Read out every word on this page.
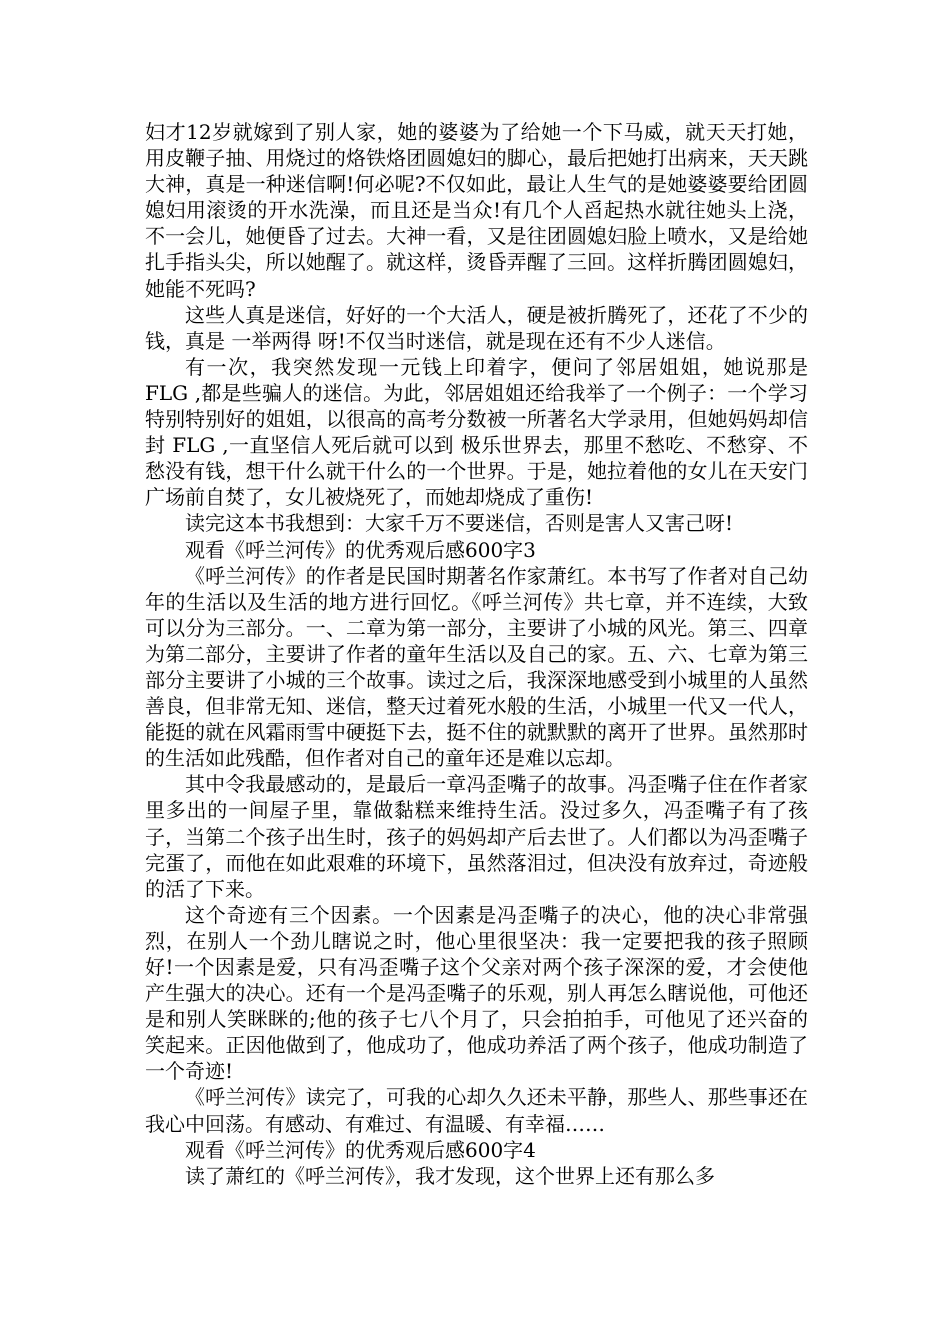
妇才12岁就嫁到了别人家，她的婆婆为了给她一个下马威，就天天打她，用皮鞭子抽、用烧过的烙铁烙团圆媳妇的脚心，最后把她打出病来，天天跳大神，真是一种迷信啊!何必呢?不仅如此，最让人生气的是她婆婆要给团圆媳妇用滚烫的开水洗澡，而且还是当众!有几个人舀起热水就往她头上浇，不一会儿，她便昏了过去。大神一看，又是往团圆媳妇脸上喷水，又是给她扎手指头尖，所以她醒了。就这样，烫昏弄醒了三回。这样折腾团圆媳妇，她能不死吗?

这些人真是迷信，好好的一个大活人，硬是被折腾死了，还花了不少的钱，真是 一举两得 呀!不仅当时迷信，就是现在还有不少人迷信。

有一次，我突然发现一元钱上印着字，便问了邻居姐姐，她说那是 FLG ,都是些骗人的迷信。为此，邻居姐姐还给我举了一个例子：一个学习特别特别好的姐姐，以很高的高考分数被一所著名大学录用，但她妈妈却信封 FLG ,一直坚信人死后就可以到 极乐世界去，那里不愁吃、不愁穿、不愁没有钱，想干什么就干什么的一个世界。于是，她拉着他的女儿在天安门广场前自焚了，女儿被烧死了，而她却烧成了重伤!

读完这本书我想到：大家千万不要迷信，否则是害人又害己呀!

观看《呼兰河传》的优秀观后感600字3

《呼兰河传》的作者是民国时期著名作家萧红。本书写了作者对自己幼年的生活以及生活的地方进行回忆。《呼兰河传》共七章，并不连续，大致可以分为三部分。一、二章为第一部分，主要讲了小城的风光。第三、四章为第二部分，主要讲了作者的童年生活以及自己的家。五、六、七章为第三部分主要讲了小城的三个故事。读过之后，我深深地感受到小城里的人虽然善良，但非常无知、迷信，整天过着死水般的生活，小城里一代又一代人，能挺的就在风霜雨雪中硬挺下去，挺不住的就默默的离开了世界。虽然那时的生活如此残酷，但作者对自己的童年还是难以忘却。

其中令我最感动的，是最后一章冯歪嘴子的故事。冯歪嘴子住在作者家里多出的一间屋子里，靠做黏糕来维持生活。没过多久，冯歪嘴子有了孩子，当第二个孩子出生时，孩子的妈妈却产后去世了。人们都以为冯歪嘴子完蛋了，而他在如此艰难的环境下，虽然落泪过，但决没有放弃过，奇迹般的活了下来。

这个奇迹有三个因素。一个因素是冯歪嘴子的决心，他的决心非常强烈，在别人一个劲儿瞎说之时，他心里很坚决：我一定要把我的孩子照顾好!一个因素是爱，只有冯歪嘴子这个父亲对两个孩子深深的爱，才会使他产生强大的决心。还有一个是冯歪嘴子的乐观，别人再怎么瞎说他，可他还是和别人笑眯眯的;他的孩子七八个月了，只会拍拍手，可他见了还兴奋的笑起来。正因他做到了，他成功了，他成功养活了两个孩子，他成功制造了一个奇迹!

《呼兰河传》读完了，可我的心却久久还未平静，那些人、那些事还在我心中回荡。有感动、有难过、有温暖、有幸福……

观看《呼兰河传》的优秀观后感600字4

读了萧红的《呼兰河传》，我才发现，这个世界上还有那么多
